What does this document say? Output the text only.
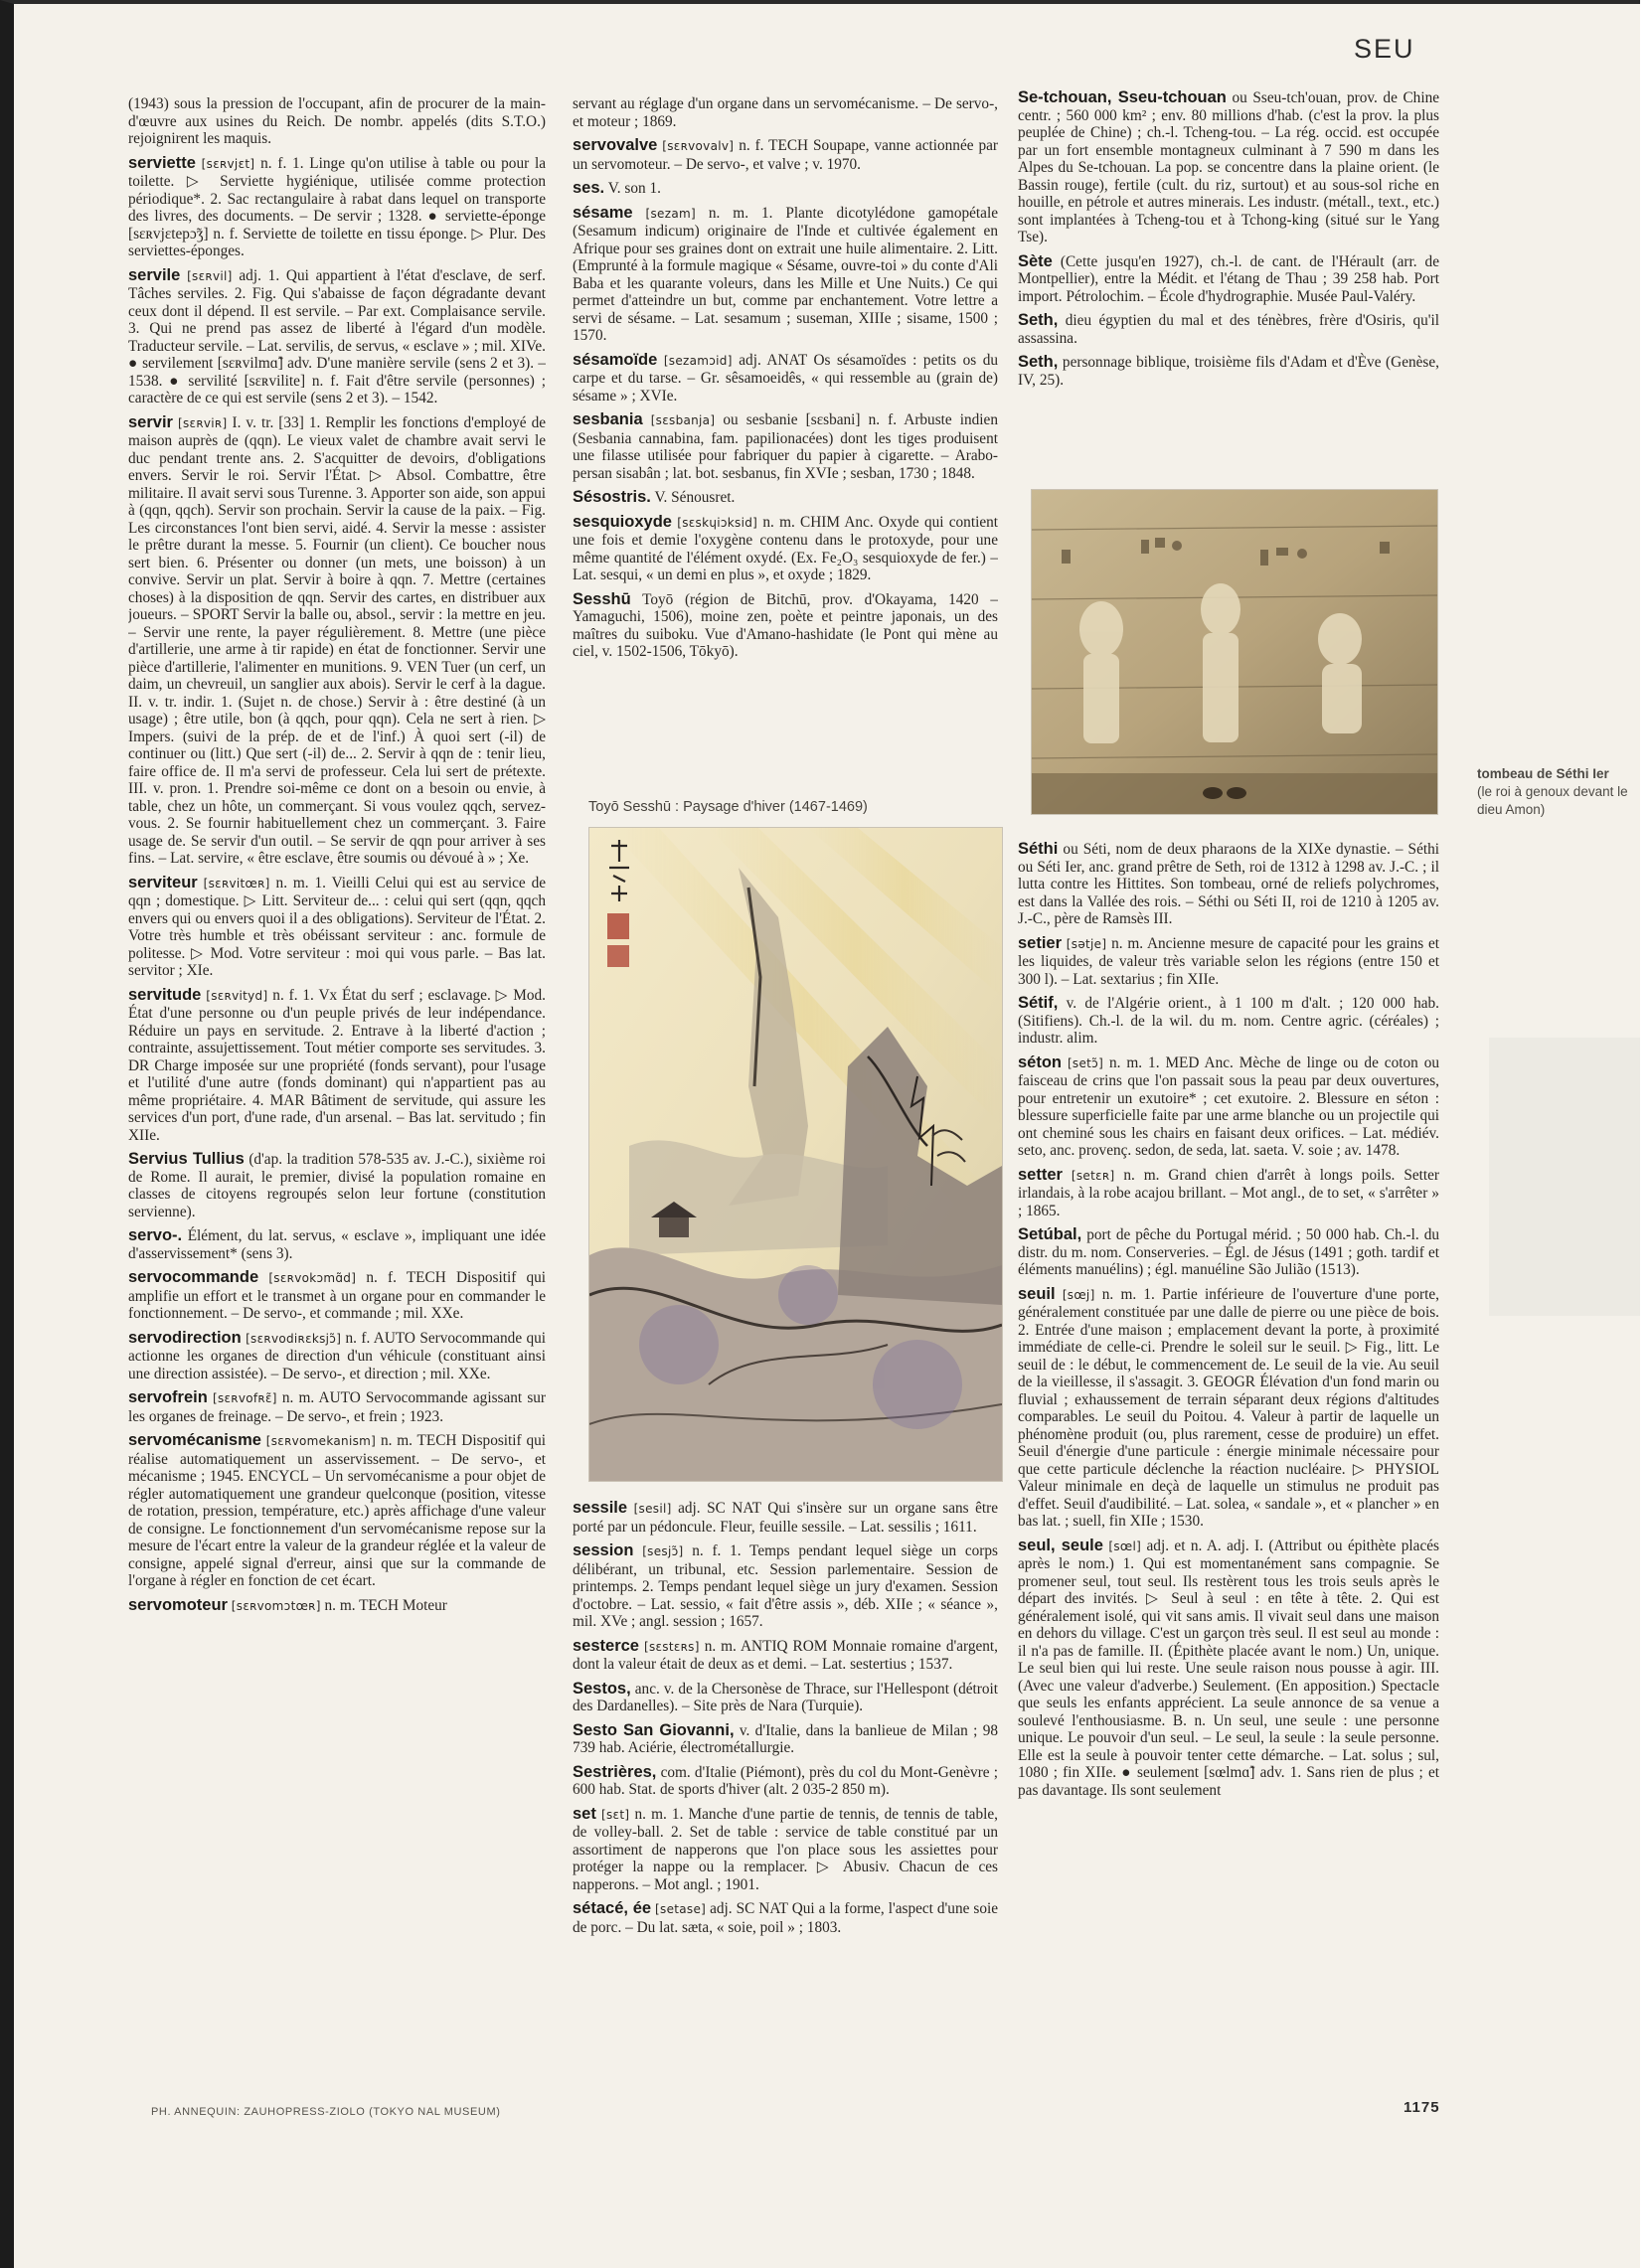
SEU

(1943) sous la pression de l'occupant, afin de procurer de la main-d'œuvre aux usines du Reich. De nombr. appelés (dits S.T.O.) rejoignirent les maquis.

serviette [sɛʀvjɛt] n. f. 1. Linge qu'on utilise à table ou pour la toilette. ▷ Serviette hygiénique, utilisée comme protection périodique*. 2. Sac rectangulaire à rabat dans lequel on transporte des livres, des documents. – De servir ; 1328. ● serviette-éponge [sɛʀvjɛtepɔ̃ʒ] n. f. Serviette de toilette en tissu éponge. ▷ Plur. Des serviettes-éponges.

servile [sɛʀvil] adj. 1. Qui appartient à l'état d'esclave, de serf. Tâches serviles. 2. Fig. Qui s'abaisse de façon dégradante devant ceux dont il dépend. Il est servile. – Par ext. Complaisance servile. 3. Qui ne prend pas assez de liberté à l'égard d'un modèle. Traducteur servile. – Lat. servilis, de servus, « esclave » ; mil. XIVe. ● servilement [sɛʀvilmɑ̃] adv. D'une manière servile (sens 2 et 3). – 1538. ● servilité [sɛʀvilite] n. f. Fait d'être servile (personnes) ; caractère de ce qui est servile (sens 2 et 3). – 1542.

servir [sɛʀviʀ] I. v. tr. [33] 1. Remplir les fonctions d'employé de maison auprès de (qqn). Le vieux valet de chambre avait servi le duc pendant trente ans. 2. S'acquitter de devoirs, d'obligations envers. Servir le roi. Servir l'État. ▷ Absol. Combattre, être militaire. Il avait servi sous Turenne. 3. Apporter son aide, son appui à (qqn, qqch). Servir son prochain. Servir la cause de la paix. – Fig. Les circonstances l'ont bien servi, aidé. 4. Servir la messe : assister le prêtre durant la messe. 5. Fournir (un client). Ce boucher nous sert bien. 6. Présenter ou donner (un mets, une boisson) à un convive. Servir un plat. Servir à boire à qqn. 7. Mettre (certaines choses) à la disposition de qqn. Servir des cartes, en distribuer aux joueurs. – SPORT Servir la balle ou, absol., servir : la mettre en jeu. – Servir une rente, la payer régulièrement. 8. Mettre (une pièce d'artillerie, une arme à tir rapide) en état de fonctionner. Servir une pièce d'artillerie, l'alimenter en munitions. 9. VEN Tuer (un cerf, un daim, un chevreuil, un sanglier aux abois). Servir le cerf à la dague. II. v. tr. indir. 1. (Sujet n. de chose.) Servir à : être destiné (à un usage) ; être utile, bon (à qqch, pour qqn). Cela ne sert à rien. ▷ Impers. (suivi de la prép. de et de l'inf.) À quoi sert (-il) de continuer ou (litt.) Que sert (-il) de... 2. Servir à qqn de : tenir lieu, faire office de. Il m'a servi de professeur. Cela lui sert de prétexte. III. v. pron. 1. Prendre soi-même ce dont on a besoin ou envie, à table, chez un hôte, un commerçant. Si vous voulez qqch, servez-vous. 2. Se fournir habituellement chez un commerçant. 3. Faire usage de. Se servir d'un outil. – Se servir de qqn pour arriver à ses fins. – Lat. servire, « être esclave, être soumis ou dévoué à » ; Xe.

serviteur [sɛʀvitœʀ] n. m. 1. Vieilli Celui qui est au service de qqn ; domestique. ▷ Litt. Serviteur de... : celui qui sert (qqn, qqch envers qui ou envers quoi il a des obligations). Serviteur de l'État. 2. Votre très humble et très obéissant serviteur : anc. formule de politesse. ▷ Mod. Votre serviteur : moi qui vous parle. – Bas lat. servitor ; XIe.

servitude [sɛʀvityd] n. f. 1. Vx État du serf ; esclavage. ▷ Mod. État d'une personne ou d'un peuple privés de leur indépendance. Réduire un pays en servitude. 2. Entrave à la liberté d'action ; contrainte, assujettissement. Tout métier comporte ses servitudes. 3. DR Charge imposée sur une propriété (fonds servant), pour l'usage et l'utilité d'une autre (fonds dominant) qui n'appartient pas au même propriétaire. 4. MAR Bâtiment de servitude, qui assure les services d'un port, d'une rade, d'un arsenal. – Bas lat. servitudo ; fin XIIe.

Servius Tullius (d'ap. la tradition 578-535 av. J.-C.), sixième roi de Rome. Il aurait, le premier, divisé la population romaine en classes de citoyens regroupés selon leur fortune (constitution servienne).

servo-. Élément, du lat. servus, « esclave », impliquant une idée d'asservissement* (sens 3).

servocommande [sɛʀvokɔmɑ̃d] n. f. TECH Dispositif qui amplifie un effort et le transmet à un organe pour en commander le fonctionnement. – De servo-, et commande ; mil. XXe.

servodirection [sɛʀvodiʀɛksjɔ̃] n. f. AUTO Servocommande qui actionne les organes de direction d'un véhicule (constituant ainsi une direction assistée). – De servo-, et direction ; mil. XXe.

servofrein [sɛʀvofʀɛ̃] n. m. AUTO Servocommande agissant sur les organes de freinage. – De servo-, et frein ; 1923.

servomécanisme [sɛʀvomekanism] n. m. TECH Dispositif qui réalise automatiquement un asservissement. – De servo-, et mécanisme ; 1945. ENCYCL – Un servomécanisme a pour objet de régler automatiquement une grandeur quelconque (position, vitesse de rotation, pression, température, etc.) après affichage d'une valeur de consigne. Le fonctionnement d'un servomécanisme repose sur la mesure de l'écart entre la valeur de la grandeur réglée et la valeur de consigne, appelé signal d'erreur, ainsi que sur la commande de l'organe à régler en fonction de cet écart.

servomoteur [sɛʀvomɔtœʀ] n. m. TECH Moteur

servant au réglage d'un organe dans un servomécanisme. – De servo-, et moteur ; 1869.

servovalve [sɛʀvovalv] n. f. TECH Soupape, vanne actionnée par un servomoteur. – De servo-, et valve ; v. 1970.

ses. V. son 1.

sésame [sezam] n. m. 1. Plante dicotylédone gamopétale (Sesamum indicum) originaire de l'Inde et cultivée également en Afrique pour ses graines dont on extrait une huile alimentaire. 2. Litt. (Emprunté à la formule magique « Sésame, ouvre-toi » du conte d'Ali Baba et les quarante voleurs, dans les Mille et Une Nuits.) Ce qui permet d'atteindre un but, comme par enchantement. Votre lettre a servi de sésame. – Lat. sesamum ; suseman, XIIIe ; sisame, 1500 ; 1570.

sésamoïde [sezamɔid] adj. ANAT Os sésamoïdes : petits os du carpe et du tarse. – Gr. sêsamoeidês, « qui ressemble au (grain de) sésame » ; XVIe.

sesbania [sɛsbanja] ou sesbanie [sɛsbani] n. f. Arbuste indien (Sesbania cannabina, fam. papilionacées) dont les tiges produisent une filasse utilisée pour fabriquer du papier à cigarette. – Arabo-persan sisabân ; lat. bot. sesbanus, fin XVIe ; sesban, 1730 ; 1848.

Sésostris. V. Sénousret.

sesquioxyde [sɛskɥiɔksid] n. m. CHIM Anc. Oxyde qui contient une fois et demie l'oxygène contenu dans le protoxyde, pour une même quantité de l'élément oxydé. (Ex. Fe₂O₃ sesquioxyde de fer.) – Lat. sesqui, « un demi en plus », et oxyde ; 1829.

Sesshū Toyō (région de Bitchū, prov. d'Okayama, 1420 – Yamaguchi, 1506), moine zen, poète et peintre japonais, un des maîtres du suiboku. Vue d'Amano-hashidate (le Pont qui mène au ciel, v. 1502-1506, Tōkyō).

Toyō Sesshū : Paysage d'hiver (1467-1469)

sessile [sesil] adj. SC NAT Qui s'insère sur un organe sans être porté par un pédoncule. Fleur, feuille sessile. – Lat. sessilis ; 1611.

session [sesjɔ̃] n. f. 1. Temps pendant lequel siège un corps délibérant, un tribunal, etc. Session parlementaire. Session de printemps. 2. Temps pendant lequel siège un jury d'examen. Session d'octobre. – Lat. sessio, « fait d'être assis », déb. XIIe ; « séance », mil. XVe ; angl. session ; 1657.

sesterce [sɛstɛʀs] n. m. ANTIQ ROM Monnaie romaine d'argent, dont la valeur était de deux as et demi. – Lat. sestertius ; 1537.

Sestos, anc. v. de la Chersonèse de Thrace, sur l'Hellespont (détroit des Dardanelles). – Site près de Nara (Turquie).

Sesto San Giovanni, v. d'Italie, dans la banlieue de Milan ; 98 739 hab. Aciérie, électrométallurgie.

Sestrières, com. d'Italie (Piémont), près du col du Mont-Genèvre ; 600 hab. Stat. de sports d'hiver (alt. 2 035-2 850 m).

set [sɛt] n. m. 1. Manche d'une partie de tennis, de tennis de table, de volley-ball. 2. Set de table : service de table constitué par un assortiment de napperons que l'on place sous les assiettes pour protéger la nappe ou la remplacer. ▷ Abusiv. Chacun de ces napperons. – Mot angl. ; 1901.

sétacé, ée [setase] adj. SC NAT Qui a la forme, l'aspect d'une soie de porc. – Du lat. sæta, « soie, poil » ; 1803.

Se-tchouan, Sseu-tchouan ou Sseu-tch'ouan, prov. de Chine centr. ; 560 000 km² ; env. 80 millions d'hab. (c'est la prov. la plus peuplée de Chine) ; ch.-l. Tcheng-tou. – La rég. occid. est occupée par un fort ensemble montagneux culminant à 7 590 m dans les Alpes du Se-tchouan. La pop. se concentre dans la plaine orient. (le Bassin rouge), fertile (cult. du riz, surtout) et au sous-sol riche en houille, en pétrole et autres minerais. Les industr. (métall., text., etc.) sont implantées à Tcheng-tou et à Tchong-king (situé sur le Yang Tse).

Sète (Cette jusqu'en 1927), ch.-l. de cant. de l'Hérault (arr. de Montpellier), entre la Médit. et l'étang de Thau ; 39 258 hab. Port import. Pétrolochim. – École d'hydrographie. Musée Paul-Valéry.

Seth, dieu égyptien du mal et des ténèbres, frère d'Osiris, qu'il assassina.

Seth, personnage biblique, troisième fils d'Adam et d'Ève (Genèse, IV, 25).

tombeau de Séthi Ier
(le roi à genoux devant le dieu Amon)

Séthi ou Séti, nom de deux pharaons de la XIXe dynastie. – Séthi ou Séti Ier, anc. grand prêtre de Seth, roi de 1312 à 1298 av. J.-C. ; il lutta contre les Hittites. Son tombeau, orné de reliefs polychromes, est dans la Vallée des rois. – Séthi ou Séti II, roi de 1210 à 1205 av. J.-C., père de Ramsès III.

setier [sətje] n. m. Ancienne mesure de capacité pour les grains et les liquides, de valeur très variable selon les régions (entre 150 et 300 l). – Lat. sextarius ; fin XIIe.

Sétif, v. de l'Algérie orient., à 1 100 m d'alt. ; 120 000 hab. (Sitifiens). Ch.-l. de la wil. du m. nom. Centre agric. (céréales) ; industr. alim.

séton [setɔ̃] n. m. 1. MED Anc. Mèche de linge ou de coton ou faisceau de crins que l'on passait sous la peau par deux ouvertures, pour entretenir un exutoire* ; cet exutoire. 2. Blessure en séton : blessure superficielle faite par une arme blanche ou un projectile qui ont cheminé sous les chairs en faisant deux orifices. – Lat. médiév. seto, anc. provenç. sedon, de seda, lat. saeta. V. soie ; av. 1478.

setter [setɛʀ] n. m. Grand chien d'arrêt à longs poils. Setter irlandais, à la robe acajou brillant. – Mot angl., de to set, « s'arrêter » ; 1865.

Setúbal, port de pêche du Portugal mérid. ; 50 000 hab. Ch.-l. du distr. du m. nom. Conserveries. – Égl. de Jésus (1491 ; goth. tardif et éléments manuélins) ; égl. manuéline São Julião (1513).

seuil [sœj] n. m. 1. Partie inférieure de l'ouverture d'une porte, généralement constituée par une dalle de pierre ou une pièce de bois. 2. Entrée d'une maison ; emplacement devant la porte, à proximité immédiate de celle-ci. Prendre le soleil sur le seuil. ▷ Fig., litt. Le seuil de : le début, le commencement de. Le seuil de la vie. Au seuil de la vieillesse, il s'assagit. 3. GEOGR Élévation d'un fond marin ou fluvial ; exhaussement de terrain séparant deux régions d'altitudes comparables. Le seuil du Poitou. 4. Valeur à partir de laquelle un phénomène produit (ou, plus rarement, cesse de produire) un effet. Seuil d'énergie d'une particule : énergie minimale nécessaire pour que cette particule déclenche la réaction nucléaire. ▷ PHYSIOL Valeur minimale en deçà de laquelle un stimulus ne produit pas d'effet. Seuil d'audibilité. – Lat. solea, « sandale », et « plancher » en bas lat. ; suell, fin XIIe ; 1530.

seul, seule [sœl] adj. et n. A. adj. I. (Attribut ou épithète placés après le nom.) 1. Qui est momentanément sans compagnie. Se promener seul, tout seul. Ils restèrent tous les trois seuls après le départ des invités. ▷ Seul à seul : en tête à tête. 2. Qui est généralement isolé, qui vit sans amis. Il vivait seul dans une maison en dehors du village. C'est un garçon très seul. Il est seul au monde : il n'a pas de famille. II. (Épithète placée avant le nom.) Un, unique. Le seul bien qui lui reste. Une seule raison nous pousse à agir. III. (Avec une valeur d'adverbe.) Seulement. (En apposition.) Spectacle que seuls les enfants apprécient. La seule annonce de sa venue a soulevé l'enthousiasme. B. n. Un seul, une seule : une personne unique. Le pouvoir d'un seul. – Le seul, la seule : la seule personne. Elle est la seule à pouvoir tenter cette démarche. – Lat. solus ; sul, 1080 ; fin XIIe. ● seulement [sœlmɑ̃] adv. 1. Sans rien de plus ; et pas davantage. Ils sont seulement

PH. ANNEQUIN: ZAUHOPRESS-ZIOLO (TOKYO NAL MUSEUM)	1175
